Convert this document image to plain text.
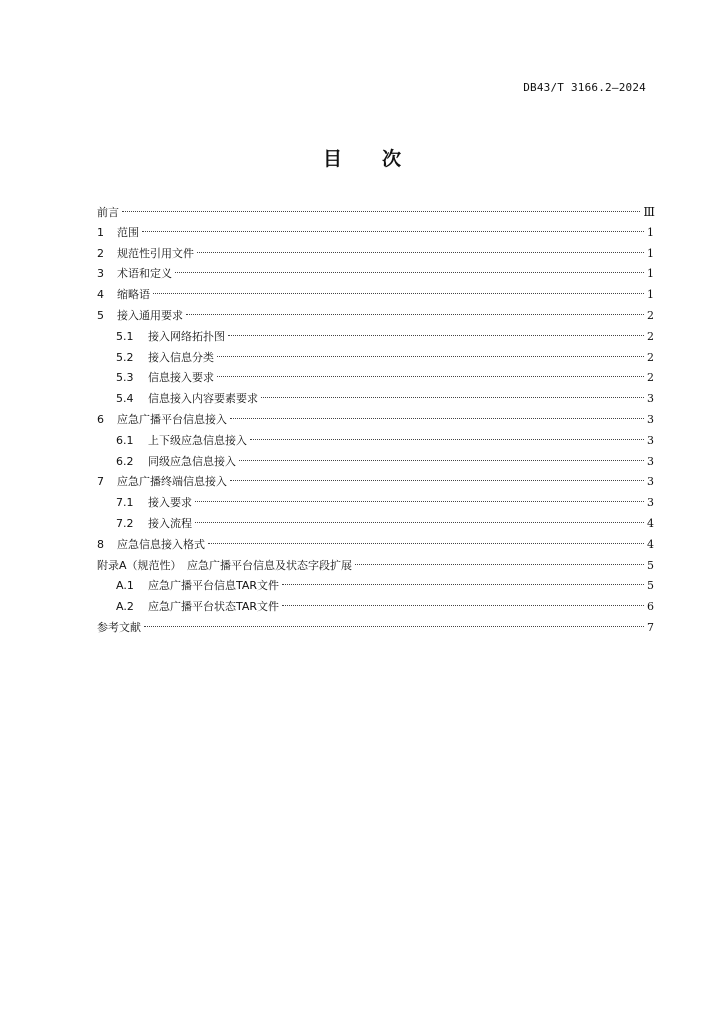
DB43/T 3166.2—2024
目 次
前言	Ⅲ
1	范围	1
2	规范性引用文件	1
3	术语和定义	1
4	缩略语	1
5	接入通用要求	2
5.1	接入网络拓扑图	2
5.2	接入信息分类	2
5.3	信息接入要求	2
5.4	信息接入内容要素要求	3
6	应急广播平台信息接入	3
6.1	上下级应急信息接入	3
6.2	同级应急信息接入	3
7	应急广播终端信息接入	3
7.1	接入要求	3
7.2	接入流程	4
8	应急信息接入格式	4
附录A（规范性）　应急广播平台信息及状态字段扩展	5
A.1	应急广播平台信息TAR文件	5
A.2	应急广播平台状态TAR文件	6
参考文献	7
